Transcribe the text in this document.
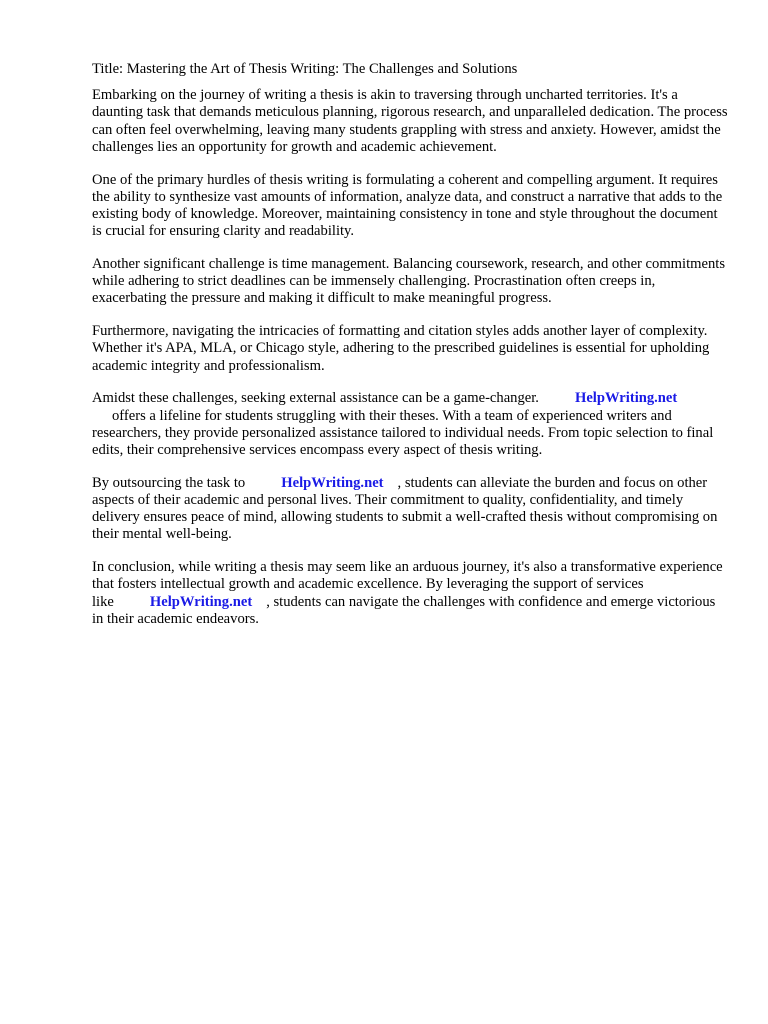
Title: Mastering the Art of Thesis Writing: The Challenges and Solutions
Embarking on the journey of writing a thesis is akin to traversing through uncharted territories. It's a daunting task that demands meticulous planning, rigorous research, and unparalleled dedication. The process can often feel overwhelming, leaving many students grappling with stress and anxiety. However, amidst the challenges lies an opportunity for growth and academic achievement.
One of the primary hurdles of thesis writing is formulating a coherent and compelling argument. It requires the ability to synthesize vast amounts of information, analyze data, and construct a narrative that adds to the existing body of knowledge. Moreover, maintaining consistency in tone and style throughout the document is crucial for ensuring clarity and readability.
Another significant challenge is time management. Balancing coursework, research, and other commitments while adhering to strict deadlines can be immensely challenging. Procrastination often creeps in, exacerbating the pressure and making it difficult to make meaningful progress.
Furthermore, navigating the intricacies of formatting and citation styles adds another layer of complexity. Whether it's APA, MLA, or Chicago style, adhering to the prescribed guidelines is essential for upholding academic integrity and professionalism.
Amidst these challenges, seeking external assistance can be a game-changer. HelpWriting.net
offers a lifeline for students struggling with their theses. With a team of experienced writers and researchers, they provide personalized assistance tailored to individual needs. From topic selection to final edits, their comprehensive services encompass every aspect of thesis writing.
By outsourcing the task to HelpWriting.net , students can alleviate the burden and focus on other aspects of their academic and personal lives. Their commitment to quality, confidentiality, and timely delivery ensures peace of mind, allowing students to submit a well-crafted thesis without compromising on their mental well-being.
In conclusion, while writing a thesis may seem like an arduous journey, it's also a transformative experience that fosters intellectual growth and academic excellence. By leveraging the support of services like HelpWriting.net , students can navigate the challenges with confidence and emerge victorious in their academic endeavors.
